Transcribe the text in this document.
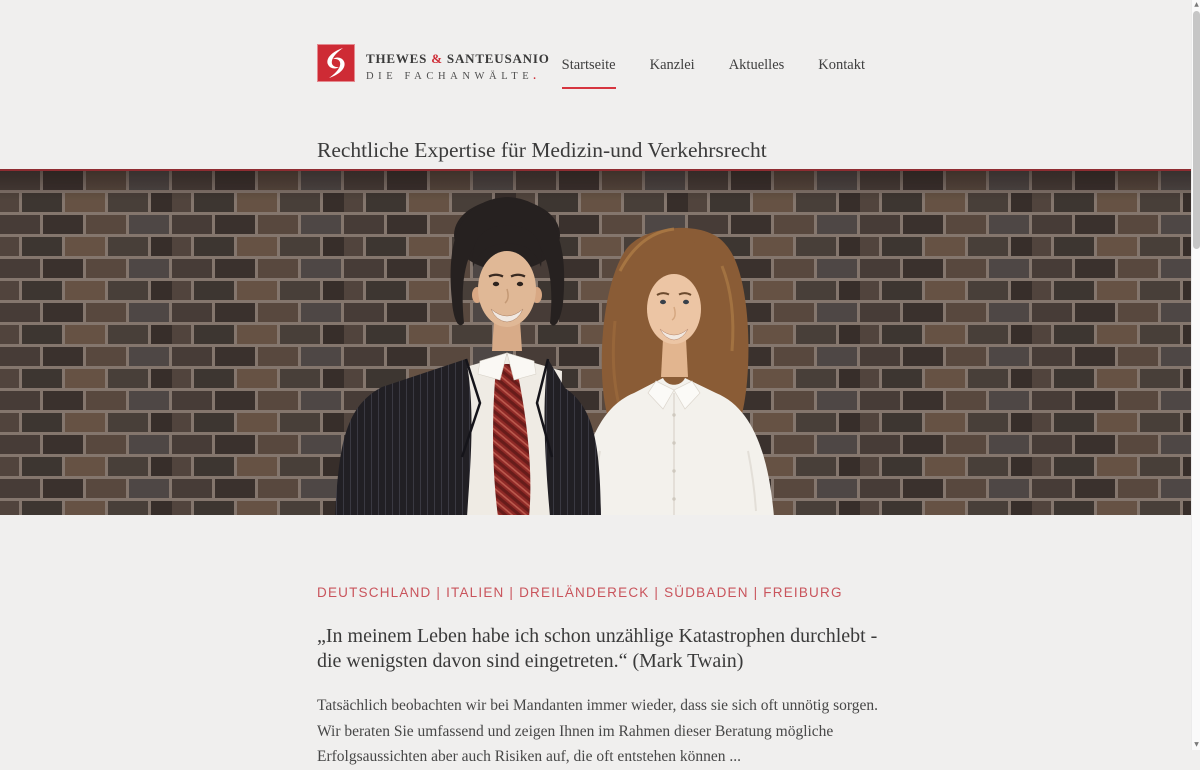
THEWES & SANTEUSANIO
DIE FACHANWÄLTE.
Startseite Kanzlei Aktuelles Kontakt
Rechtliche Expertise für Medizin-und Verkehrsrecht
DEUTSCHLAND | ITALIEN | DREILÄNDERECK | SÜDBADEN | FREIBURG
„In meinem Leben habe ich schon unzählige Katastrophen durchlebt -
die wenigsten davon sind eingetreten.“ (Mark Twain)

Tatsächlich beobachten wir bei Mandanten immer wieder, dass sie sich oft unnötig sorgen. Wir beraten Sie umfassend und zeigen Ihnen im Rahmen dieser Beratung mögliche Erfolgsaussichten aber auch Risiken auf, die oft entstehen können ...

▲
▼
